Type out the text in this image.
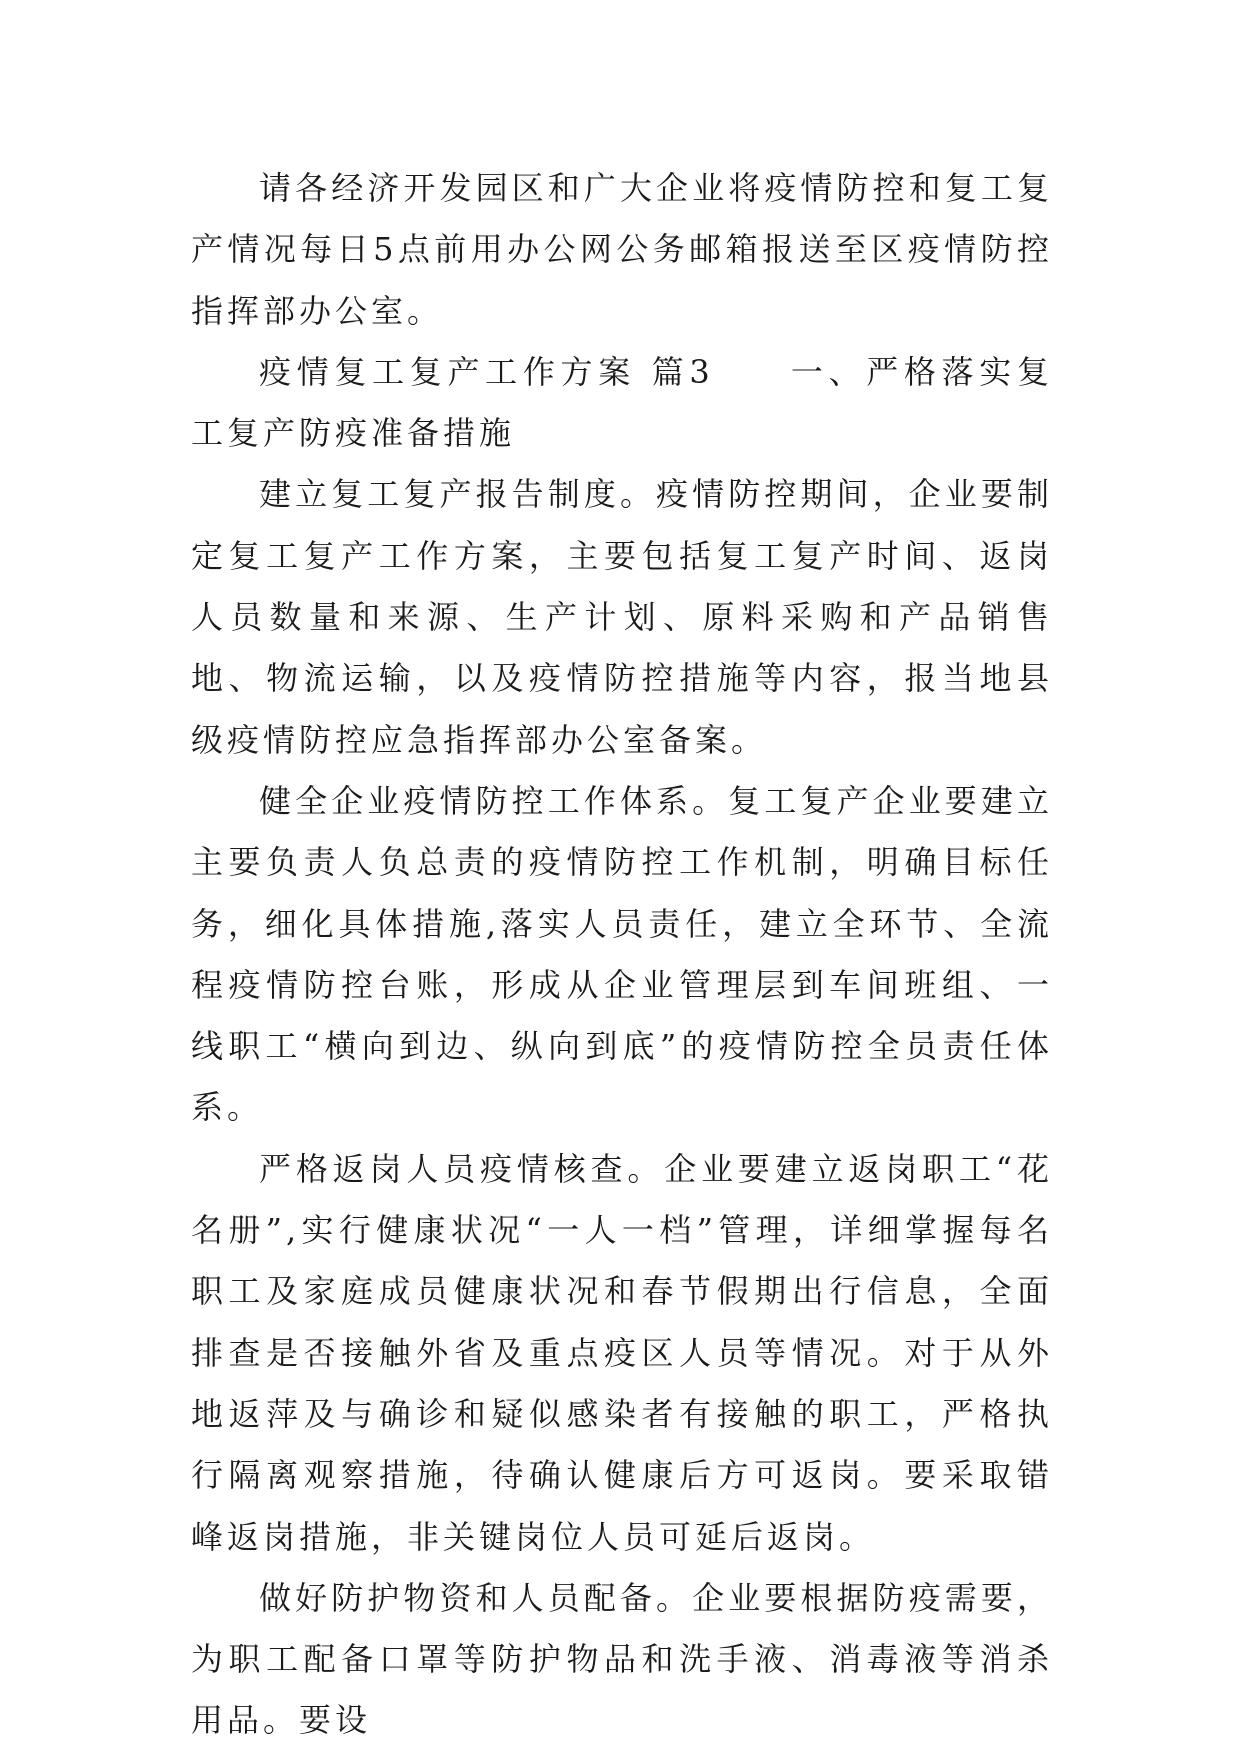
请各经济开发园区和广大企业将疫情防控和复工复产情况每日5点前用办公网公务邮箱报送至区疫情防控指挥部办公室。

疫情复工复产工作方案 篇3　　一、严格落实复工复产防疫准备措施

建立复工复产报告制度。疫情防控期间，企业要制定复工复产工作方案，主要包括复工复产时间、返岗人员数量和来源、生产计划、原料采购和产品销售地、物流运输，以及疫情防控措施等内容，报当地县级疫情防控应急指挥部办公室备案。

健全企业疫情防控工作体系。复工复产企业要建立主要负责人负总责的疫情防控工作机制，明确目标任务，细化具体措施,落实人员责任，建立全环节、全流程疫情防控台账，形成从企业管理层到车间班组、一线职工“横向到边、纵向到底”的疫情防控全员责任体系。

严格返岗人员疫情核查。企业要建立返岗职工“花名册”,实行健康状况“一人一档”管理，详细掌握每名职工及家庭成员健康状况和春节假期出行信息，全面排查是否接触外省及重点疫区人员等情况。对于从外地返萍及与确诊和疑似感染者有接触的职工，严格执行隔离观察措施，待确认健康后方可返岗。要采取错峰返岗措施，非关键岗位人员可延后返岗。

做好防护物资和人员配备。企业要根据防疫需要，为职工配备口罩等防护物品和洗手液、消毒液等消杀用品。要设
